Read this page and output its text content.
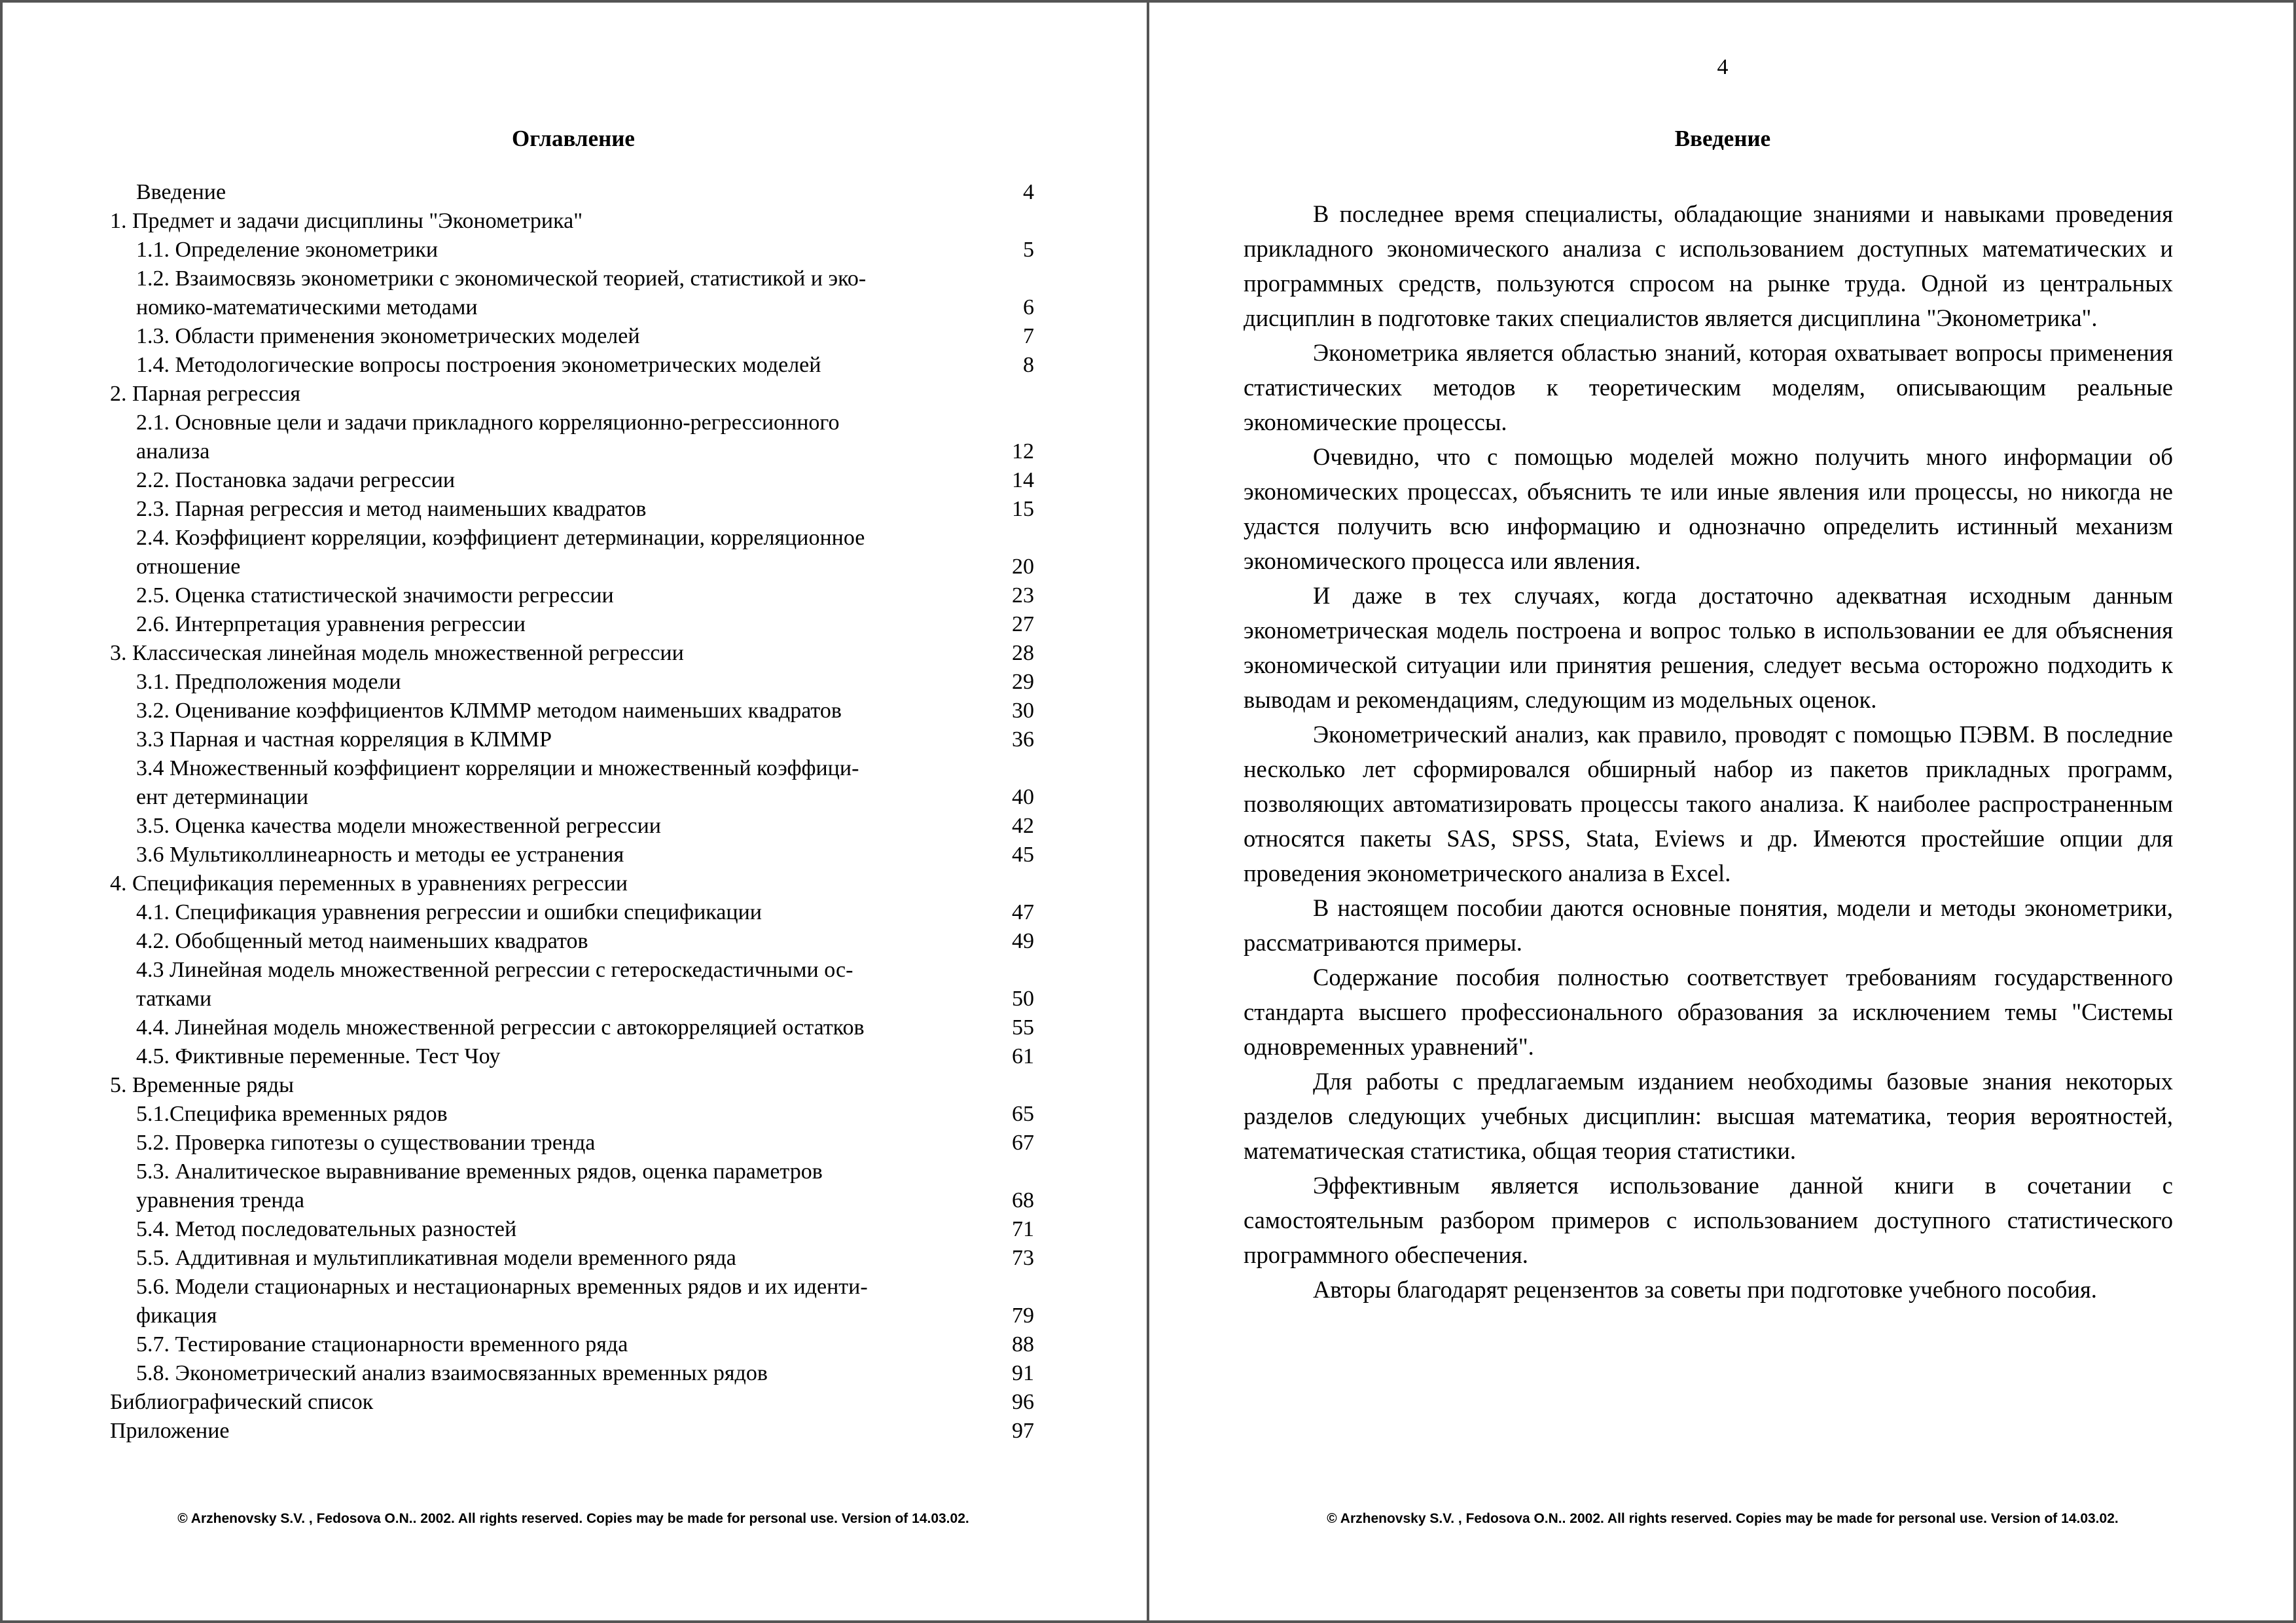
Оглавление
Введение	4
1. Предмет и задачи дисциплины "Эконометрика"
1.1. Определение эконометрики	5
1.2. Взаимосвязь эконометрики с экономической теорией, статистикой и эко-
номико-математическими методами	6
1.3. Области применения эконометрических моделей	7
1.4. Методологические вопросы построения эконометрических моделей	8
2. Парная регрессия
2.1. Основные цели и задачи прикладного корреляционно-регрессионного
анализа	12
2.2. Постановка задачи регрессии	14
2.3. Парная регрессия и метод наименьших квадратов	15
2.4. Коэффициент корреляции, коэффициент детерминации, корреляционное
отношение	20
2.5. Оценка статистической значимости регрессии	23
2.6. Интерпретация уравнения регрессии	27
3. Классическая линейная модель множественной регрессии	28
3.1. Предположения модели	29
3.2. Оценивание коэффициентов КЛММР методом наименьших квадратов	30
3.3 Парная и частная корреляция в КЛММР	36
3.4 Множественный коэффициент корреляции и множественный коэффици-
ент детерминации	40
3.5. Оценка качества модели множественной регрессии	42
3.6 Мультиколлинеарность и методы ее устранения	45
4. Спецификация переменных в уравнениях регрессии
4.1. Спецификация уравнения регрессии и ошибки спецификации	47
4.2. Обобщенный метод наименьших квадратов	49
4.3 Линейная модель множественной регрессии с гетероскедастичными ос-
татками	50
4.4. Линейная модель множественной регрессии с автокорреляцией остатков	55
4.5. Фиктивные переменные. Тест Чоу	61
5. Временные ряды
5.1.Специфика временных рядов	65
5.2. Проверка гипотезы о существовании тренда	67
5.3. Аналитическое выравнивание временных рядов, оценка параметров
уравнения тренда	68
5.4. Метод последовательных разностей	71
5.5. Аддитивная и мультипликативная модели временного ряда	73
5.6. Модели стационарных и нестационарных временных рядов и их иденти-
фикация	79
5.7. Тестирование стационарности временного ряда	88
5.8. Эконометрический анализ взаимосвязанных временных рядов	91
Библиографический список	96
Приложение	97
© Arzhenovsky S.V. , Fedosova O.N.. 2002. All rights reserved. Copies may be made for personal use. Version of 14.03.02.
4
Введение

В последнее время специалисты, обладающие знаниями и навыками проведения прикладного экономического анализа с использованием доступных математических и программных средств, пользуются спросом на рынке труда. Одной из центральных дисциплин в подготовке таких специалистов является дисциплина "Эконометрика".

Эконометрика является областью знаний, которая охватывает вопросы применения статистических методов к теоретическим моделям, описывающим реальные экономические процессы.

Очевидно, что с помощью моделей можно получить много информации об экономических процессах, объяснить те или иные явления или процессы, но никогда не удастся получить всю информацию и однозначно определить истинный механизм экономического процесса или явления.

И даже в тех случаях, когда достаточно адекватная исходным данным эконометрическая модель построена и вопрос только в использовании ее для объяснения экономической ситуации или принятия решения, следует весьма осторожно подходить к выводам и рекомендациям, следующим из модельных оценок.

Эконометрический анализ, как правило, проводят с помощью ПЭВМ. В последние несколько лет сформировался обширный набор из пакетов прикладных программ, позволяющих автоматизировать процессы такого анализа. К наиболее распространенным относятся пакеты SAS, SPSS, Stata, Eviews и др. Имеются простейшие опции для проведения эконометрического анализа в Excel.

В настоящем пособии даются основные понятия, модели и методы эконометрики, рассматриваются примеры.

Содержание пособия полностью соответствует требованиям государственного стандарта высшего профессионального образования за исключением темы "Системы одновременных уравнений".

Для работы с предлагаемым изданием необходимы базовые знания некоторых разделов следующих учебных дисциплин: высшая математика, теория вероятностей, математическая статистика, общая теория статистики.

Эффективным является использование данной книги в сочетании с самостоятельным разбором примеров с использованием доступного статистического программного обеспечения.

Авторы благодарят рецензентов за советы при подготовке учебного пособия.

© Arzhenovsky S.V. , Fedosova O.N.. 2002. All rights reserved. Copies may be made for personal use. Version of 14.03.02.
